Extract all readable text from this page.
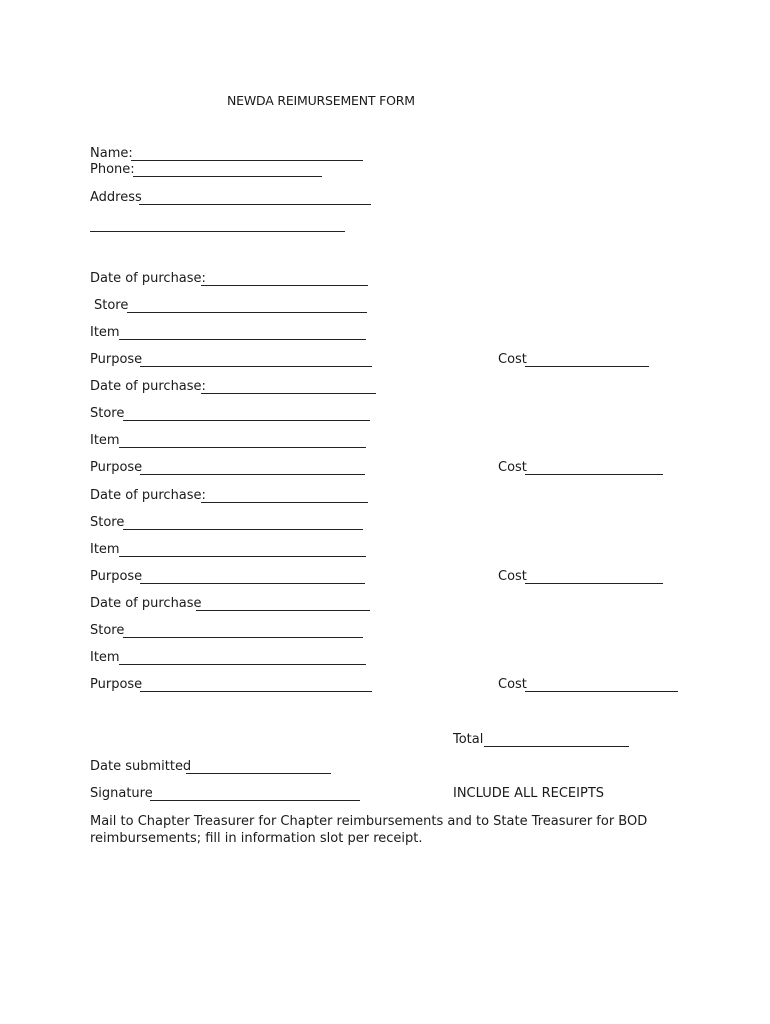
NEWDA REIMURSEMENT FORM
Name:
Phone:
Address
Date of purchase:
Store
Item
Purpose	Cost
Date of purchase:
Store
Item
Purpose	Cost
Date of purchase:
Store
Item
Purpose	Cost
Date of purchase
Store
Item
Purpose	Cost
Total
Date submitted
Signature	INCLUDE ALL RECEIPTS
Mail to Chapter Treasurer for Chapter reimbursements and to State Treasurer for BOD reimbursements; fill in information slot per receipt.
